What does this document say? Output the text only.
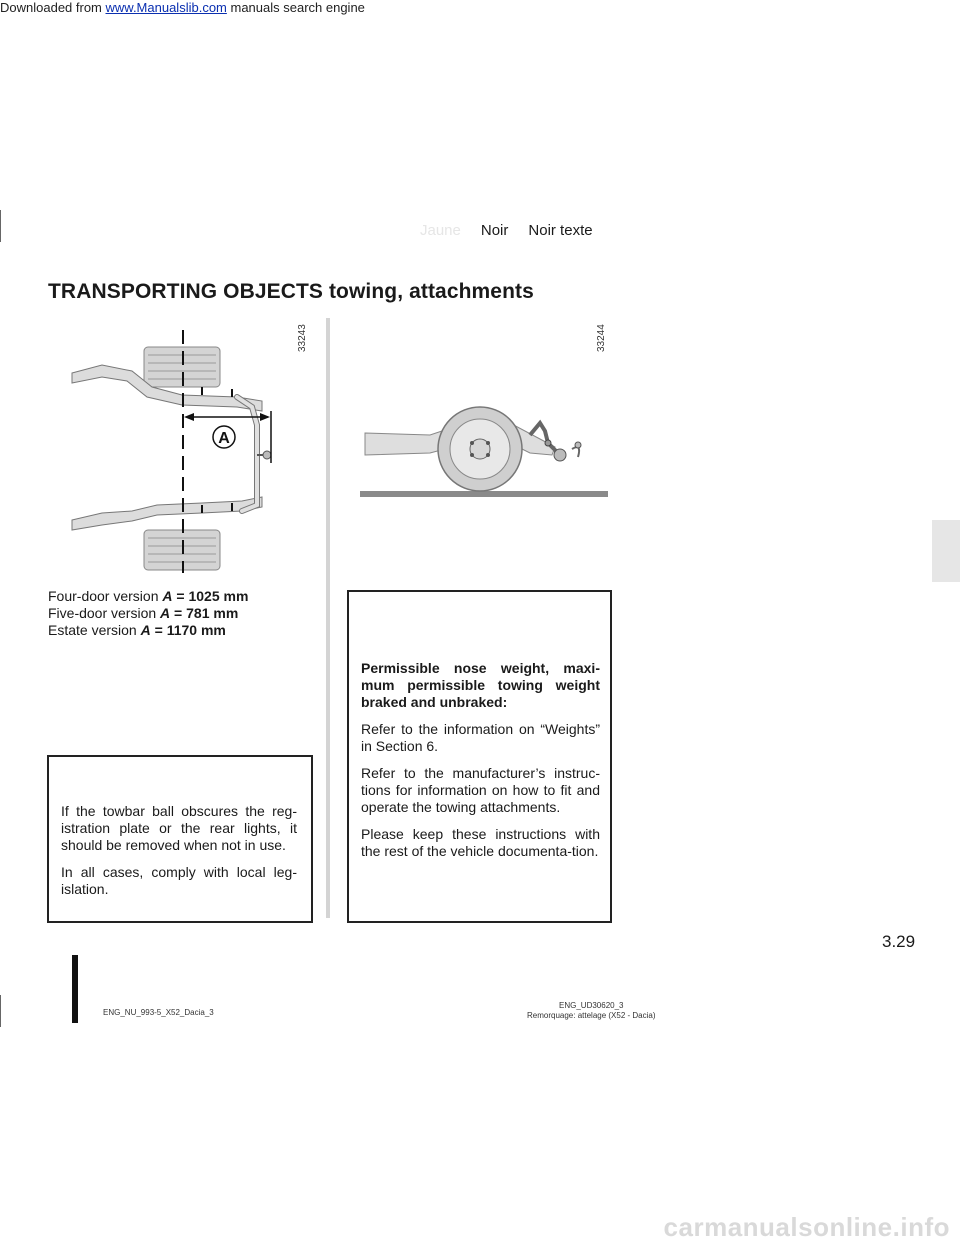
Downloaded from www.Manualslib.com manuals search engine
Jaune Noir Noir texte
TRANSPORTING OBJECTS towing, attachments
A
33243	33244
Four-door version A = 1025 mm
Five-door version A = 781 mm
Estate version A = 1170 mm

If the towbar ball obscures the reg-istration plate or the rear lights, it should be removed when not in use.

In all cases, comply with local leg-islation.

Permissible nose weight, maxi-mum permissible towing weight braked and unbraked:

Refer to the information on “Weights” in Section 6.

Refer to the manufacturer’s instruc-tions for information on how to fit and operate the towing attachments.

Please keep these instructions with the rest of the vehicle documenta-tion.

3.29
ENG_NU_993-5_X52_Dacia_3
ENG_UD30620_3
Remorquage: attelage (X52 - Dacia)
carmanualsonline.info
